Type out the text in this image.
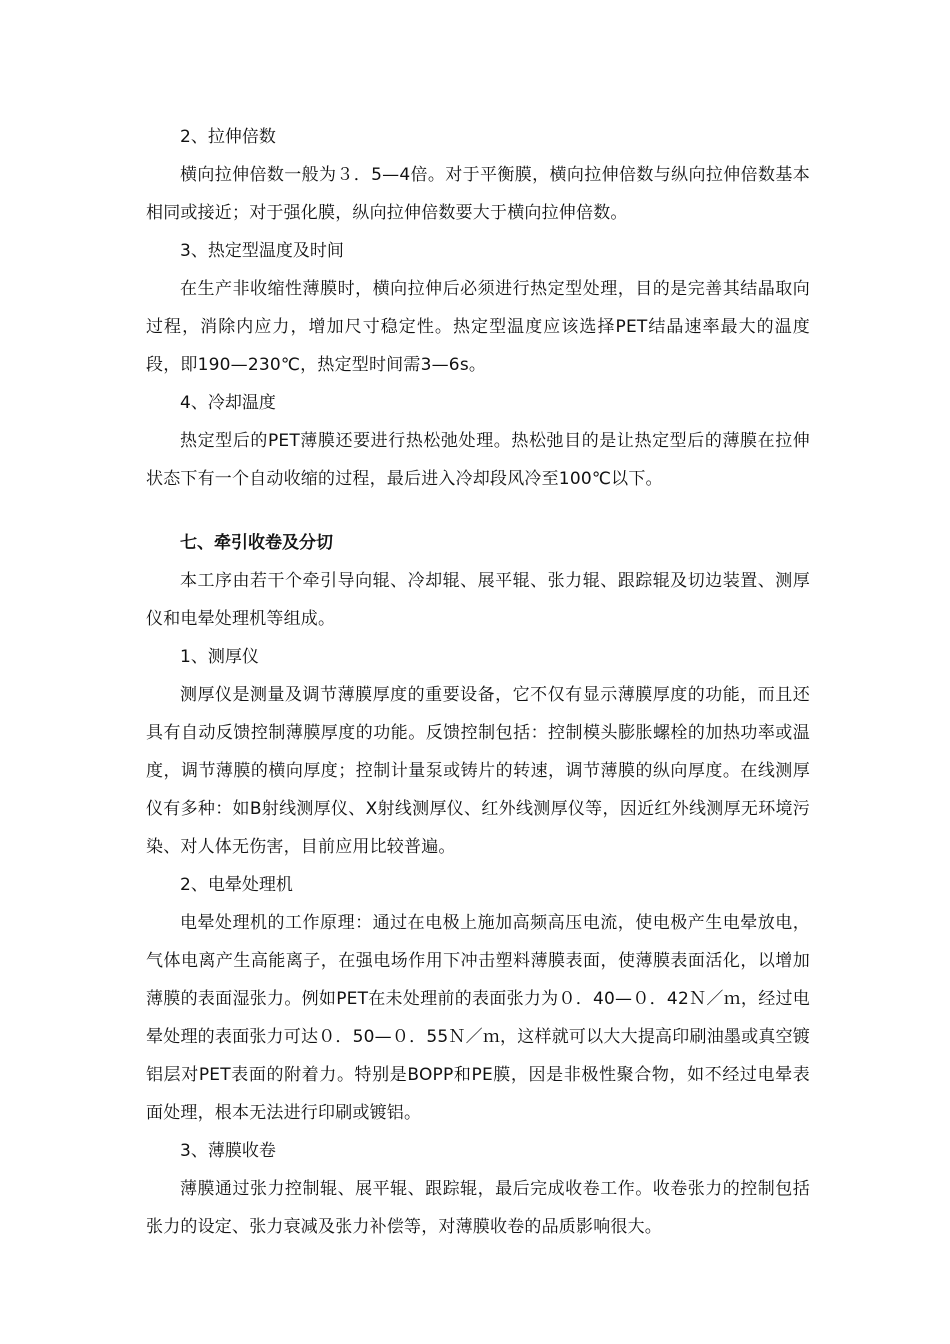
2、拉伸倍数

横向拉伸倍数一般为３．5—4倍。对于平衡膜，横向拉伸倍数与纵向拉伸倍数基本相同或接近；对于强化膜，纵向拉伸倍数要大于横向拉伸倍数。

3、热定型温度及时间

在生产非收缩性薄膜时，横向拉伸后必须进行热定型处理，目的是完善其结晶取向过程，消除内应力，增加尺寸稳定性。热定型温度应该选择PET结晶速率最大的温度段，即190—230℃，热定型时间需3—6s。

4、冷却温度

热定型后的PET薄膜还要进行热松弛处理。热松弛目的是让热定型后的薄膜在拉伸状态下有一个自动收缩的过程，最后进入冷却段风冷至100℃以下。

七、牵引收卷及分切

本工序由若干个牵引导向辊、冷却辊、展平辊、张力辊、跟踪辊及切边装置、测厚仪和电晕处理机等组成。

1、测厚仪

测厚仪是测量及调节薄膜厚度的重要设备，它不仅有显示薄膜厚度的功能，而且还具有自动反馈控制薄膜厚度的功能。反馈控制包括：控制模头膨胀螺栓的加热功率或温度，调节薄膜的横向厚度；控制计量泵或铸片的转速，调节薄膜的纵向厚度。在线测厚仪有多种：如B射线测厚仪、X射线测厚仪、红外线测厚仪等，因近红外线测厚无环境污染、对人体无伤害，目前应用比较普遍。

2、电晕处理机

电晕处理机的工作原理：通过在电极上施加高频高压电流，使电极产生电晕放电，气体电离产生高能离子，在强电场作用下冲击塑料薄膜表面，使薄膜表面活化，以增加薄膜的表面湿张力。例如PET在未处理前的表面张力为０．40—０．42Ｎ／ｍ，经过电晕处理的表面张力可达０．50—０．55Ｎ／ｍ，这样就可以大大提高印刷油墨或真空镀铝层对PET表面的附着力。特别是BOPP和PE膜，因是非极性聚合物，如不经过电晕表面处理，根本无法进行印刷或镀铝。

3、薄膜收卷

薄膜通过张力控制辊、展平辊、跟踪辊，最后完成收卷工作。收卷张力的控制包括张力的设定、张力衰减及张力补偿等，对薄膜收卷的品质影响很大。
